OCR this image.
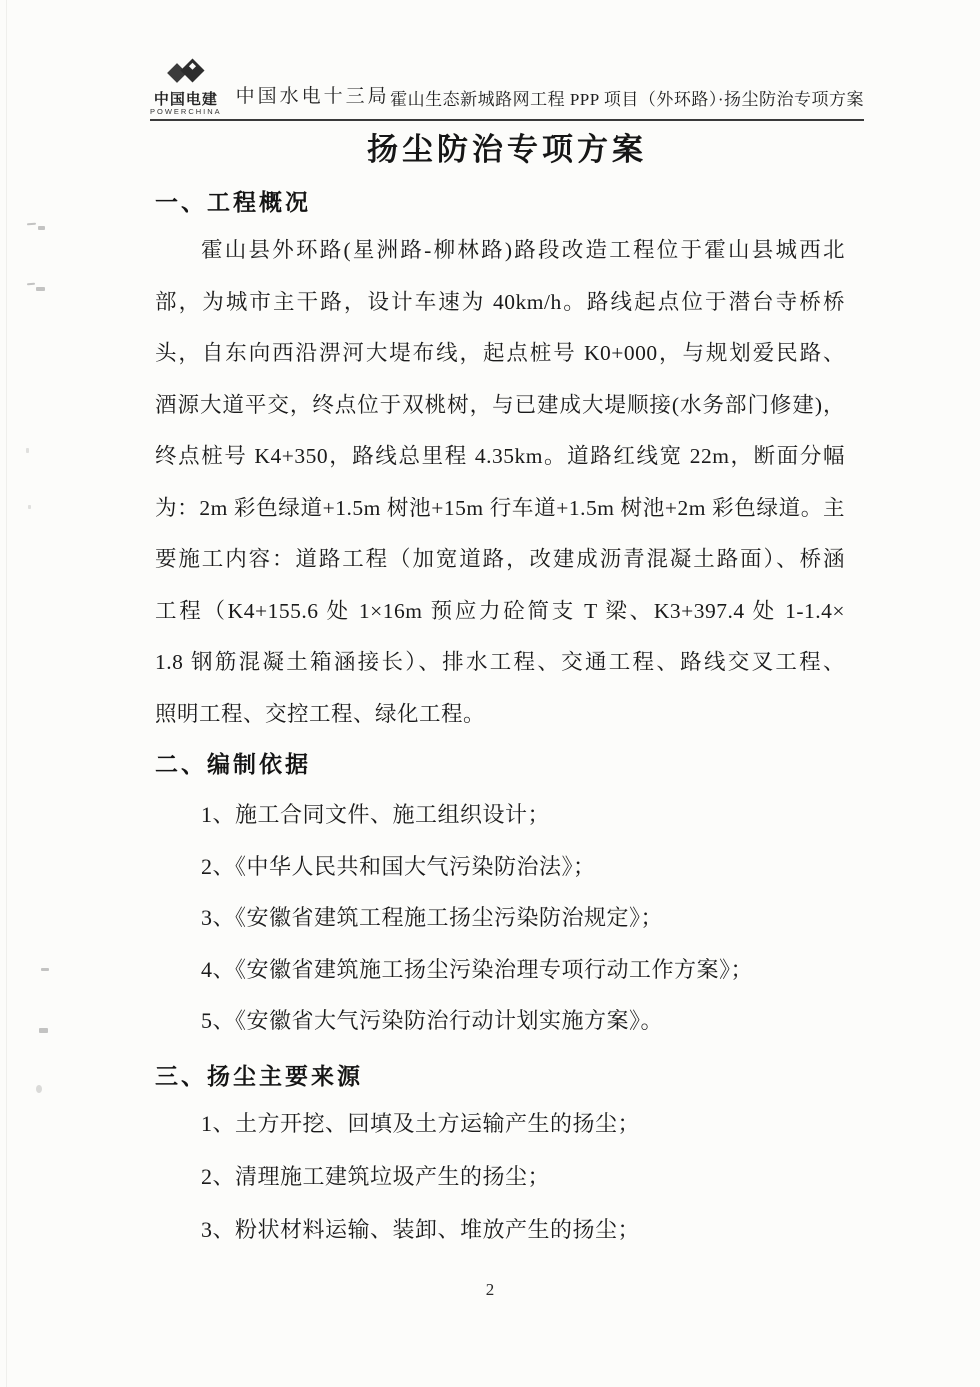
中国电建
POWERCHINA
中国水电十三局 霍山生态新城路网工程 PPP 项目（外环路）·扬尘防治专项方案
扬尘防治专项方案
一、工程概况
霍山县外环路(星洲路-柳林路)路段改造工程位于霍山县城西北
部，为城市主干路，设计车速为 40km/h。路线起点位于潜台寺桥桥
头，自东向西沿淠河大堤布线，起点桩号 K0+000，与规划爱民路、
酒源大道平交，终点位于双桃树，与已建成大堤顺接(水务部门修建)，
终点桩号 K4+350，路线总里程 4.35km。道路红线宽 22m，断面分幅
为：2m 彩色绿道+1.5m 树池+15m 行车道+1.5m 树池+2m 彩色绿道。主
要施工内容：道路工程（加宽道路，改建成沥青混凝土路面）、桥涵
工程（K4+155.6 处 1×16m 预应力砼简支 T 梁、K3+397.4 处 1-1.4×
1.8 钢筋混凝土箱涵接长）、排水工程、交通工程、路线交叉工程、
照明工程、交控工程、绿化工程。
二、编制依据
1、施工合同文件、施工组织设计；
2、《中华人民共和国大气污染防治法》；
3、《安徽省建筑工程施工扬尘污染防治规定》；
4、《安徽省建筑施工扬尘污染治理专项行动工作方案》；
5、《安徽省大气污染防治行动计划实施方案》。
三、扬尘主要来源
1、土方开挖、回填及土方运输产生的扬尘；
2、清理施工建筑垃圾产生的扬尘；
3、粉状材料运输、装卸、堆放产生的扬尘；
2
